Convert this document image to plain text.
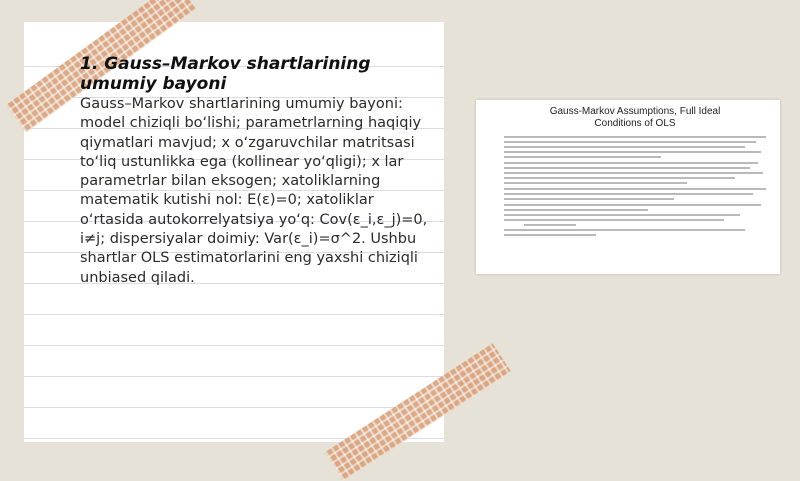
1. Gauss–Markov shartlarining umumiy bayoni
Gauss–Markov shartlarining umumiy bayoni: model chiziqli bo‘lishi; parametrlarning haqiqiy qiymatlari mavjud; x o‘zgaruvchilar matritsasi to‘liq ustunlikka ega (kollinear yo‘qligi); x lar parametrlar bilan eksogen; xatoliklarning matematik kutishi nol: E(ε)=0; xatoliklar o‘rtasida autokorrelyatsiya yo‘q: Cov(ε_i,ε_j)=0, i≠j; dispersiyalar doimiy: Var(ε_i)=σ^2. Ushbu shartlar OLS estimatorlarini eng yaxshi chiziqli unbiased qiladi.
Gauss-Markov Assumptions, Full Ideal
Conditions of OLS
